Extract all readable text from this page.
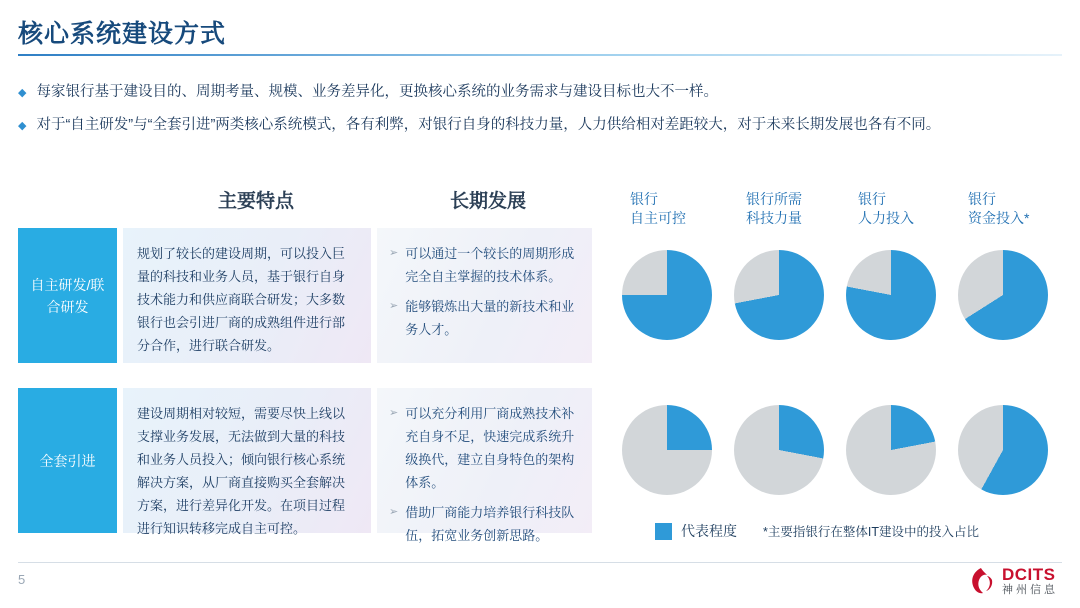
核心系统建设方式
◆ 每家银行基于建设目的、周期考量、规模、业务差异化，更换核心系统的业务需求与建设目标也大不一样。
◆ 对于“自主研发”与“全套引进”两类核心系统模式，各有利弊，对银行自身的科技力量，人力供给相对差距较大，对于未来长期发展也各有不同。
主要特点	长期发展	银行
自主可控
银行所需
科技力量
银行
人力投入
银行
资金投入*
自主研发/联合研发
规划了较长的建设周期，可以投入巨量的科技和业务人员，基于银行自身技术能力和供应商联合研发；大多数银行也会引进厂商的成熟组件进行部分合作，进行联合研发。
➢ 可以通过一个较长的周期形成完全自主掌握的技术体系。
➢ 能够锻炼出大量的新技术和业务人才。
全套引进
建设周期相对较短，需要尽快上线以支撑业务发展，无法做到大量的科技和业务人员投入；倾向银行核心系统解决方案，从厂商直接购买全套解决方案，进行差异化开发。在项目过程进行知识转移完成自主可控。
➢ 可以充分利用厂商成熟技术补充自身不足，快速完成系统升级换代，建立自身特色的架构体系。
➢ 借助厂商能力培养银行科技队伍，拓宽业务创新思路。	代表程度 *主要指银行在整体IT建设中的投入占比
5	DCITS
神州信息
